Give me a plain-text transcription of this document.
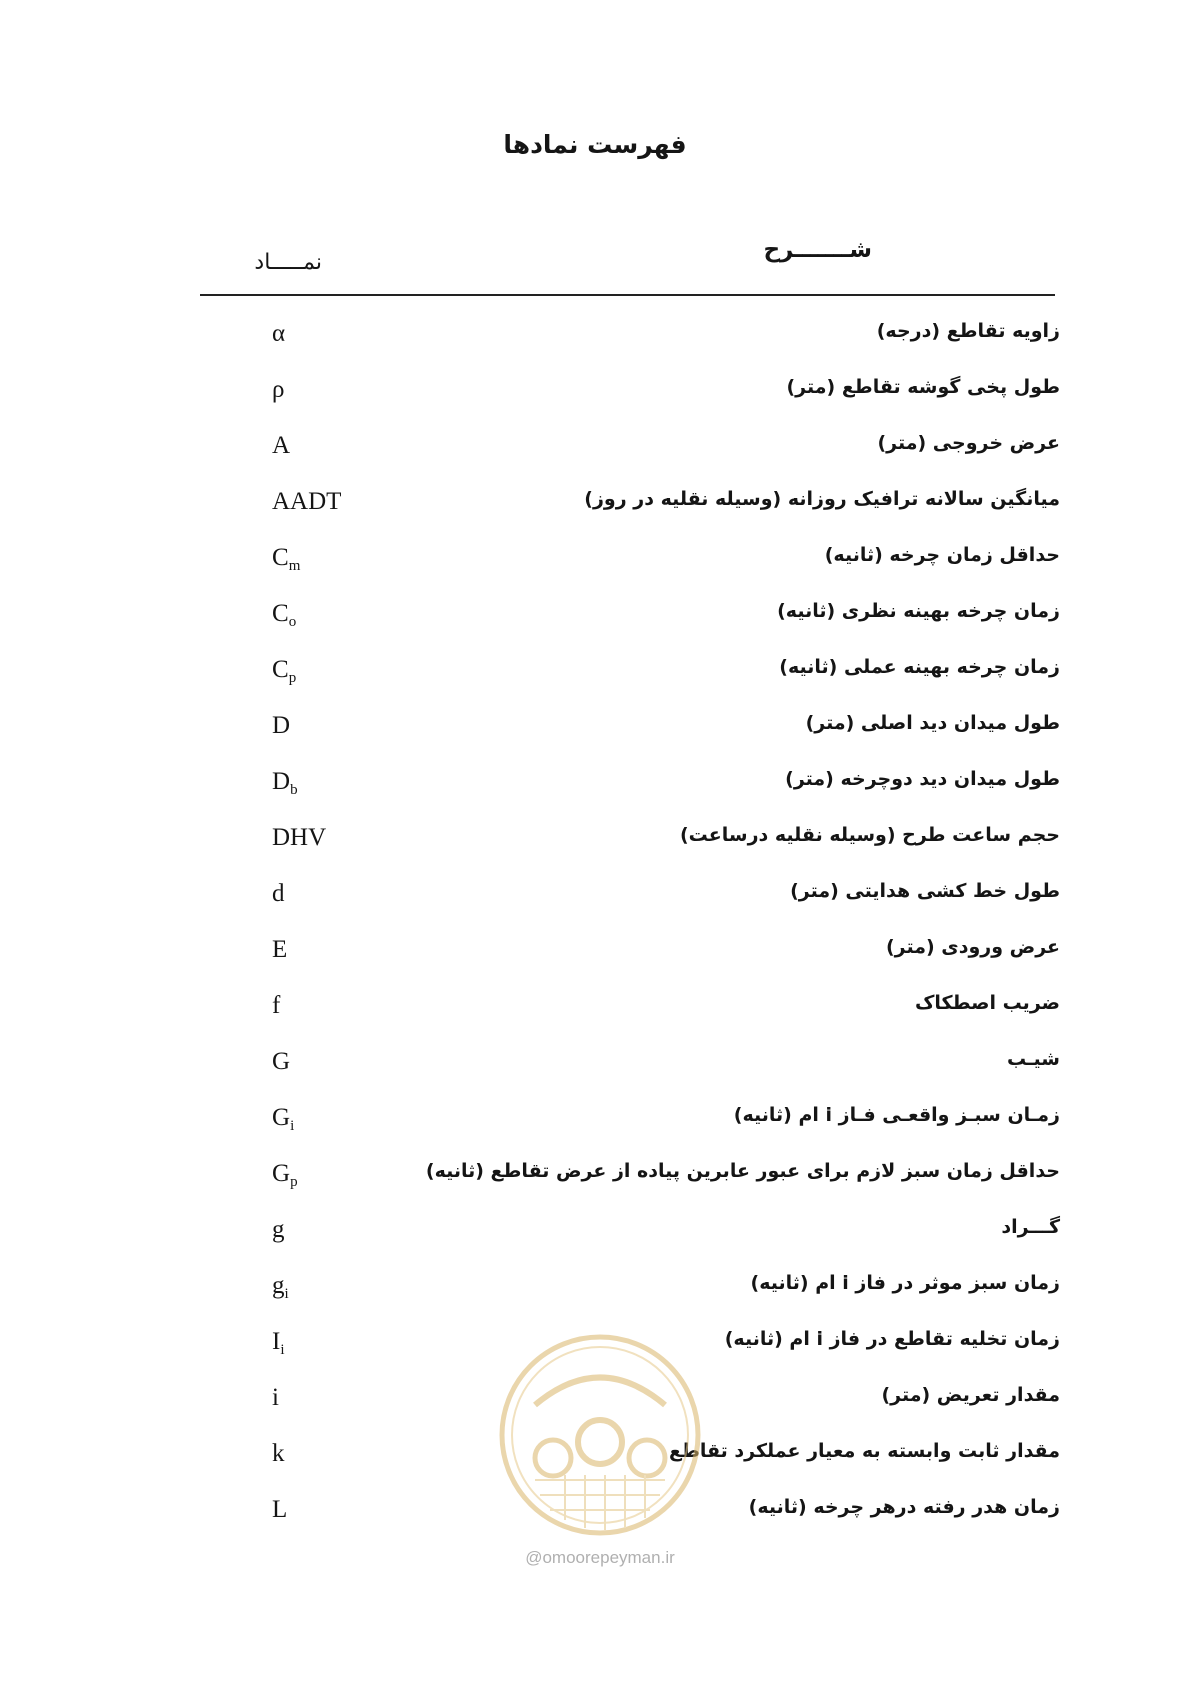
فهرست نمادها
شـــــــرح
نمـــــاد
زاویه تقاطع (درجه)
α
طول پخی گوشه تقاطع (متر)
ρ
عرض خروجی (متر)
A
میانگین سالانه ترافیک روزانه (وسیله نقلیه در روز)
AADT
حداقل زمان چرخه (ثانیه)
$C_m$
زمان چرخه بهینه نظری (ثانیه)
$C_o$
زمان چرخه بهینه عملی (ثانیه)
$C_p$
طول میدان دید اصلی (متر)
D
طول میدان دید دوچرخه (متر)
$D_b$
حجم ساعت طرح (وسیله نقلیه درساعت)
DHV
طول خط کشی هدایتی (متر)
d
عرض ورودی (متر)
E
ضریب اصطکاک
f
شیـب
G
زمـان سبـز واقعـی فـاز i ام (ثانیه)
$G_i$
حداقل زمان سبز لازم برای عبور عابرین پیاده از عرض تقاطع (ثانیه)
$G_p$
گـــراد
g
زمان سبز موثر در فاز i ام (ثانیه)
$g_i$
زمان تخلیه تقاطع در فاز i ام (ثانیه)
$I_i$
مقدار تعریض (متر)
i
مقدار ثابت وابسته به معیار عملکرد تقاطع
k
زمان هدر رفته درهر چرخه (ثانیه)
L
@omoorepeyman.ir
